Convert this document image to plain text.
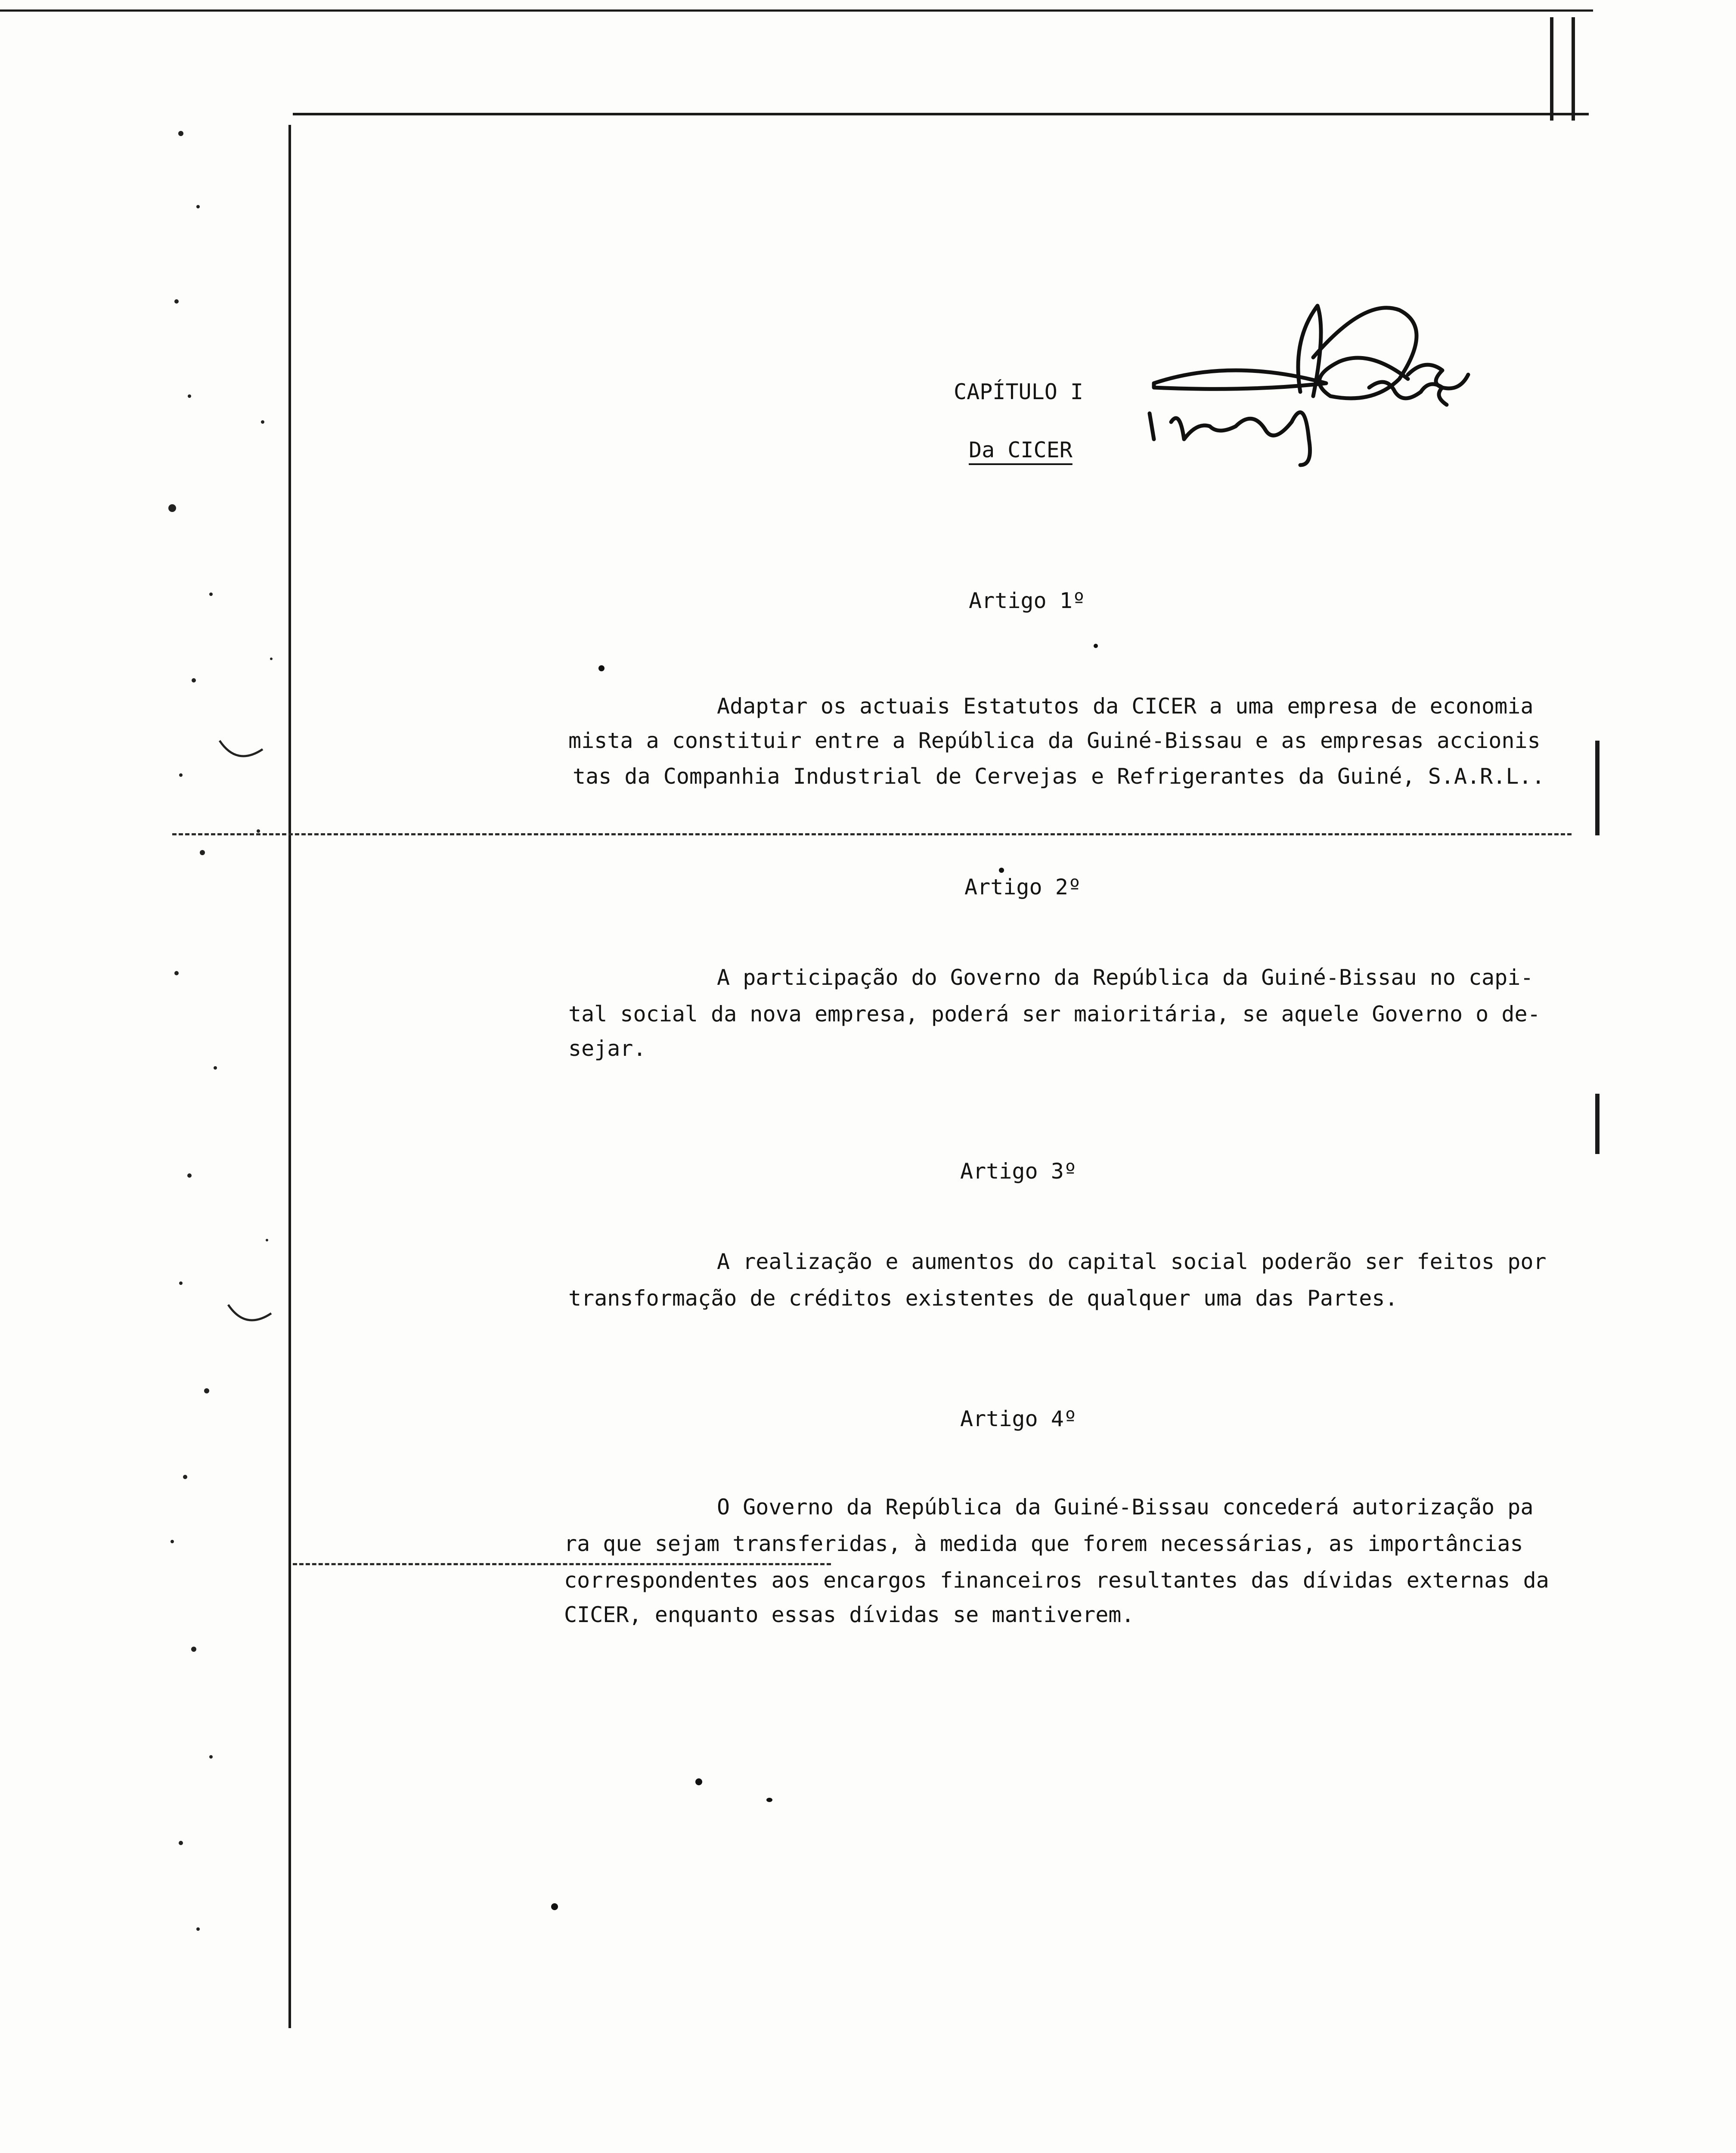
CAPÍTULO I
Da CICER
Artigo 1º
Adaptar os actuais Estatutos da CICER a uma empresa de economia
mista a constituir entre a República da Guiné-Bissau e as empresas accionis
tas da Companhia Industrial de Cervejas e Refrigerantes da Guiné, S.A.R.L..
Artigo 2º
A participação do Governo da República da Guiné-Bissau no capi-
tal social da nova empresa, poderá ser maioritária, se aquele Governo o de-
sejar.
Artigo 3º
A realização e aumentos do capital social poderão ser feitos por
transformação de créditos existentes de qualquer uma das Partes.
Artigo 4º
O Governo da República da Guiné-Bissau concederá autorização pa
ra que sejam transferidas, à medida que forem necessárias, as importâncias
correspondentes aos encargos financeiros resultantes das dívidas externas da
CICER, enquanto essas dívidas se mantiverem.
